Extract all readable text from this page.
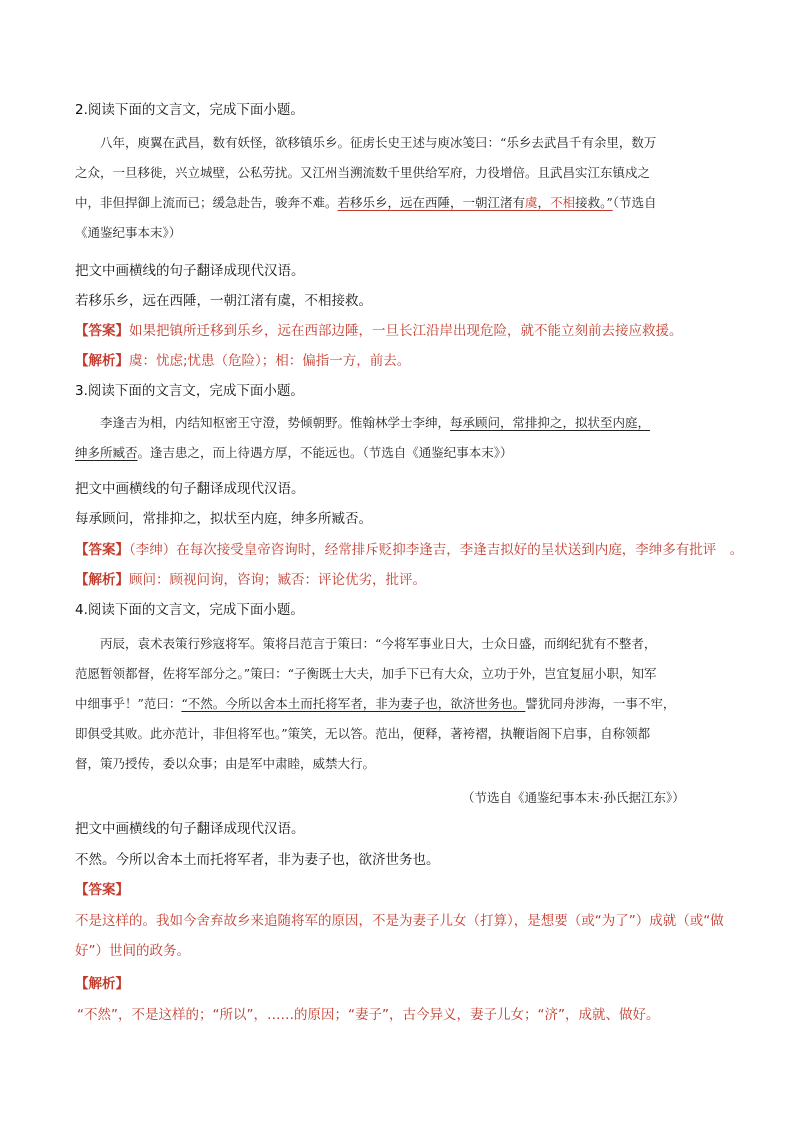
2.阅读下面的文言文，完成下面小题。
八年，庾翼在武昌，数有妖怪，欲移镇乐乡。征虏长史王述与庾冰笺曰：“乐乡去武昌千有余里，数万
之众，一旦移徙，兴立城壁，公私劳扰。又江州当溯流数千里供给军府，力役增倍。且武昌实江东镇戍之
中，非但捍御上流而已；缓急赴告，骏奔不难。若移乐乡，远在西陲，一朝江渚有虞，不相接救。”（节选自
《通鉴纪事本末》）
把文中画横线的句子翻译成现代汉语。
若移乐乡，远在西陲，一朝江渚有虞，不相接救。
【答案】如果把镇所迁移到乐乡，远在西部边陲，一旦长江沿岸出现危险，就不能立刻前去接应救援。
【解析】虞：忧虑;忧患（危险）；相：偏指一方，前去。
3.阅读下面的文言文，完成下面小题。
李逢吉为相，内结知枢密王守澄，势倾朝野。惟翰林学士李绅，每承顾问，常排抑之，拟状至内庭，
绅多所臧否。逢吉患之，而上待遇方厚，不能远也。（节选自《通鉴纪事本末》）
把文中画横线的句子翻译成现代汉语。
每承顾问，常排抑之，拟状至内庭，绅多所臧否。
【答案】（李绅）在每次接受皇帝咨询时，经常排斥贬抑李逢吉，李逢吉拟好的呈状送到内庭，李绅多有批评　。
【解析】顾问：顾视问询，咨询；臧否：评论优劣，批评。
4.阅读下面的文言文，完成下面小题。
丙辰，袁术表策行殄寇将军。策将吕范言于策曰：“今将军事业日大，士众日盛，而纲纪犹有不整者，
范愿暂领都督，佐将军部分之。”策曰：“子衡既士大夫，加手下已有大众，立功于外，岂宜复屈小职，知军
中细事乎！”范曰：“不然。今所以舍本土而托将军者，非为妻子也，欲济世务也。譬犹同舟涉海，一事不牢，
即俱受其败。此亦范计，非但将军也。”策笑，无以答。范出，便释，著袴褶，执鞭诣阁下启事，自称领都
督，策乃授传，委以众事；由是军中肃睦，威禁大行。
（节选自《通鉴纪事本末·孙氏据江东》）
把文中画横线的句子翻译成现代汉语。
不然。今所以舍本土而托将军者，非为妻子也，欲济世务也。
【答案】
不是这样的。我如今舍弃故乡来追随将军的原因，不是为妻子儿女（打算），是想要（或“为了”）成就（或“做
好”）世间的政务。
【解析】
“不然”，不是这样的；“所以”，……的原因；“妻子”，古今异义，妻子儿女；“济”，成就、做好。
